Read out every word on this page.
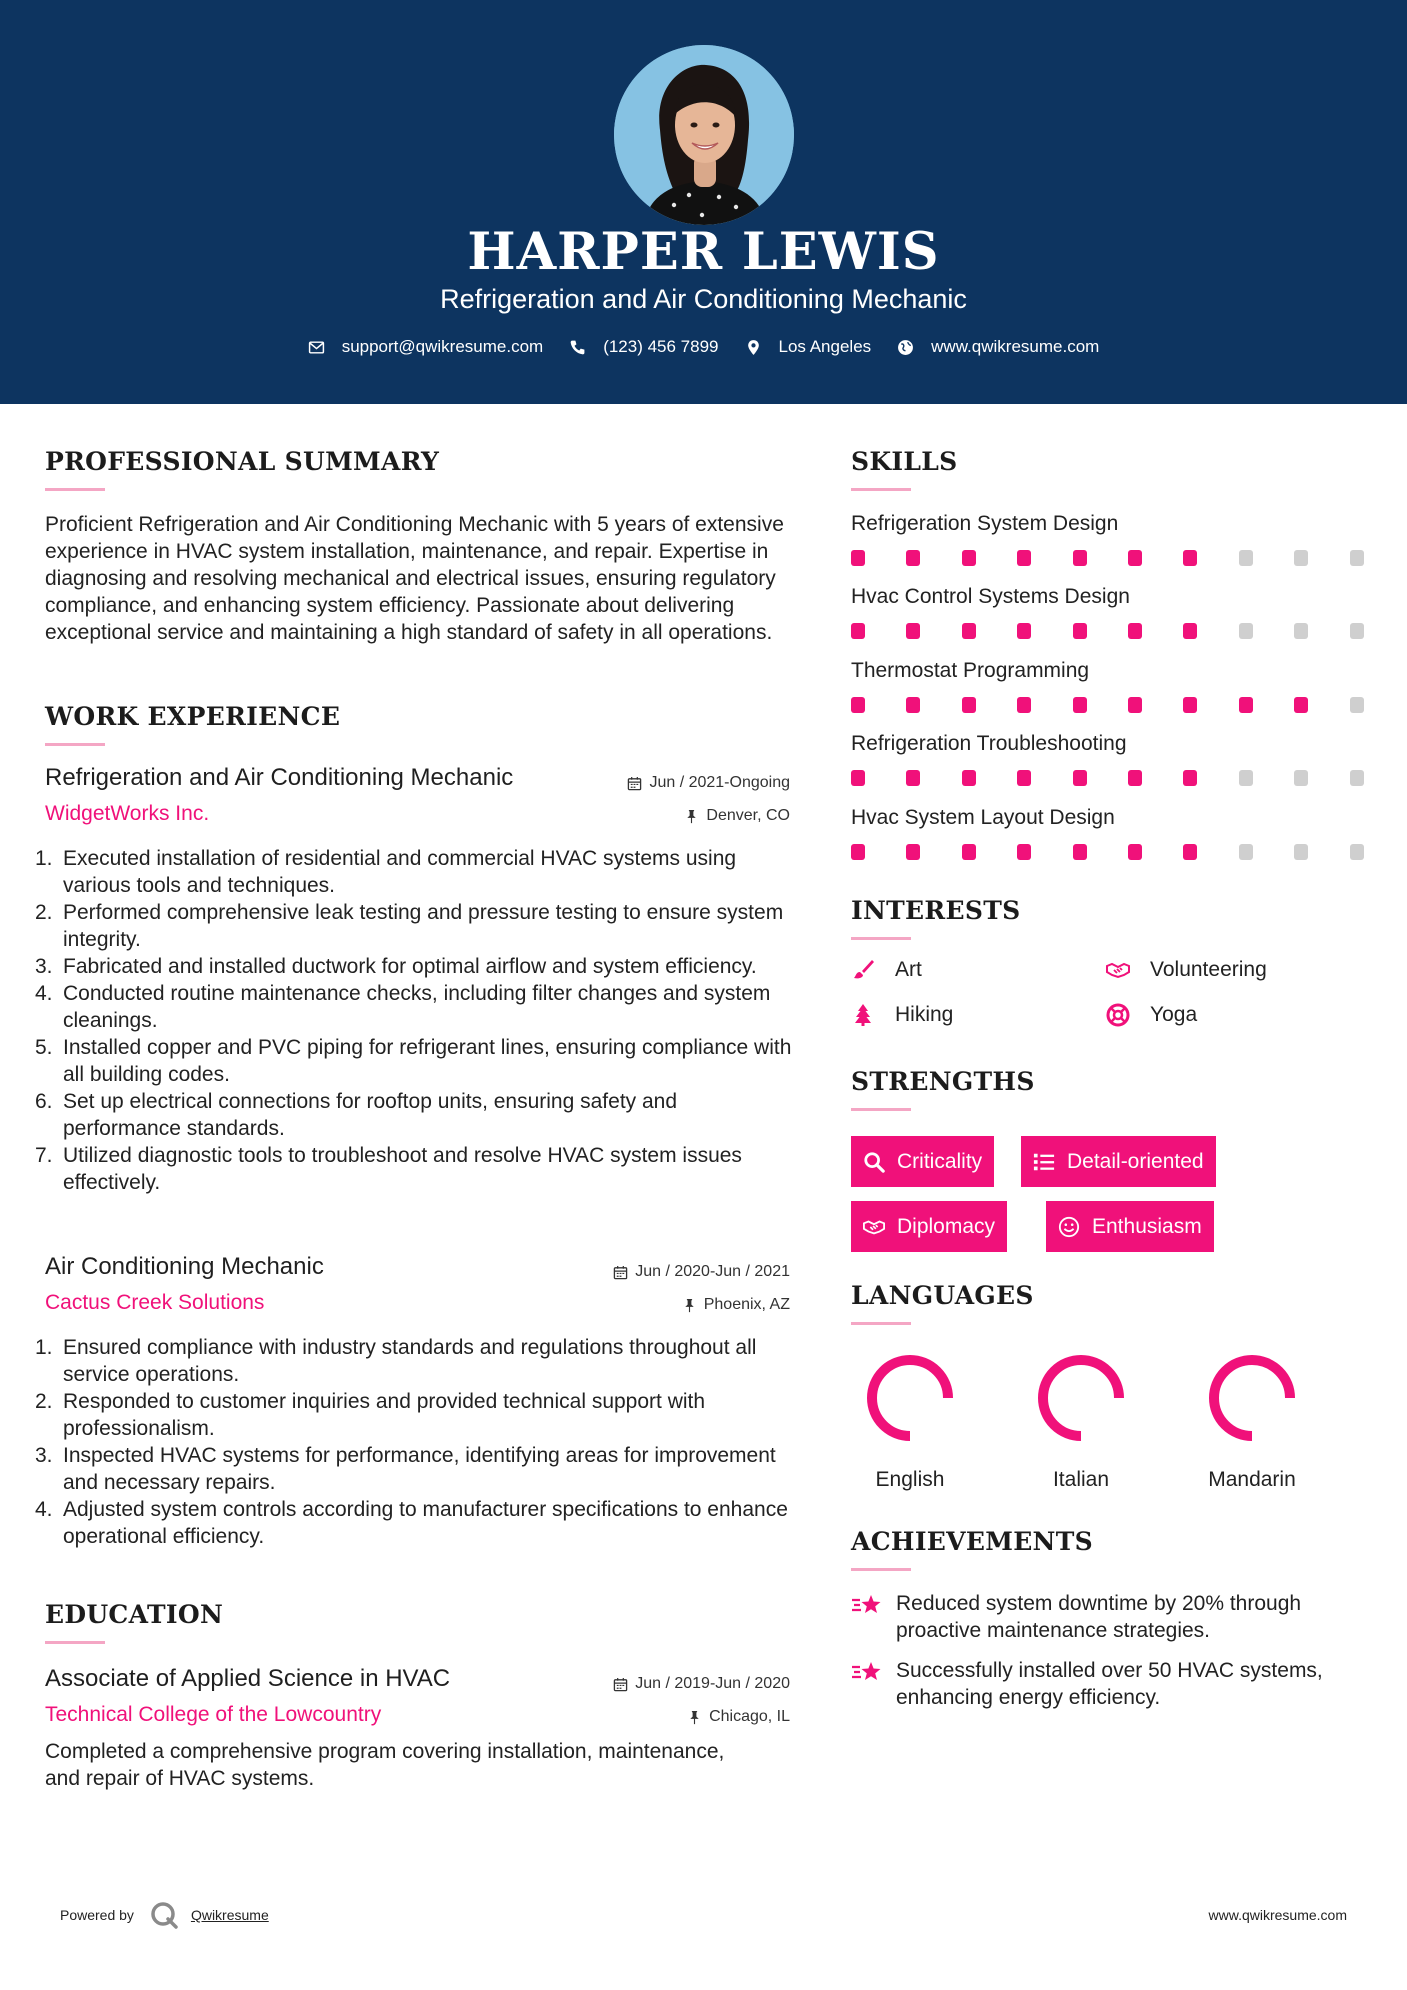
HARPER LEWIS
Refrigeration and Air Conditioning Mechanic
support@qwikresume.com	(123) 456 7899	Los Angeles	www.qwikresume.com
PROFESSIONAL SUMMARY

Proficient Refrigeration and Air Conditioning Mechanic with 5 years of extensive experience in HVAC system installation, maintenance, and repair. Expertise in diagnosing and resolving mechanical and electrical issues, ensuring regulatory compliance, and enhancing system efficiency. Passionate about delivering exceptional service and maintaining a high standard of safety in all operations.

WORK EXPERIENCE
Refrigeration and Air Conditioning Mechanic
WidgetWorks Inc.
Jun / 2021-Ongoing
Denver, CO
1. Executed installation of residential and commercial HVAC systems using various tools and techniques.
2. Performed comprehensive leak testing and pressure testing to ensure system integrity.
3. Fabricated and installed ductwork for optimal airflow and system efficiency.
4. Conducted routine maintenance checks, including filter changes and system cleanings.
5. Installed copper and PVC piping for refrigerant lines, ensuring compliance with all building codes.
6. Set up electrical connections for rooftop units, ensuring safety and performance standards.
7. Utilized diagnostic tools to troubleshoot and resolve HVAC system issues effectively.
Air Conditioning Mechanic
Cactus Creek Solutions
Jun / 2020-Jun / 2021
Phoenix, AZ
1. Ensured compliance with industry standards and regulations throughout all service operations.
2. Responded to customer inquiries and provided technical support with professionalism.
3. Inspected HVAC systems for performance, identifying areas for improvement and necessary repairs.
4. Adjusted system controls according to manufacturer specifications to enhance operational efficiency.
EDUCATION
Associate of Applied Science in HVAC
Technical College of the Lowcountry
Jun / 2019-Jun / 2020
Chicago, IL

Completed a comprehensive program covering installation, maintenance, and repair of HVAC systems.

SKILLS
Refrigeration System Design
Hvac Control Systems Design
Thermostat Programming
Refrigeration Troubleshooting
Hvac System Layout Design
INTERESTS
Art	Volunteering
Hiking	Yoga
STRENGTHS
Criticality	Detail-oriented
Diplomacy	Enthusiasm
LANGUAGES
English	Italian	Mandarin
ACHIEVEMENTS
Reduced system downtime by 20% through proactive maintenance strategies.
Successfully installed over 50 HVAC systems, enhancing energy efficiency.
Powered by	Qwikresume	www.qwikresume.com
